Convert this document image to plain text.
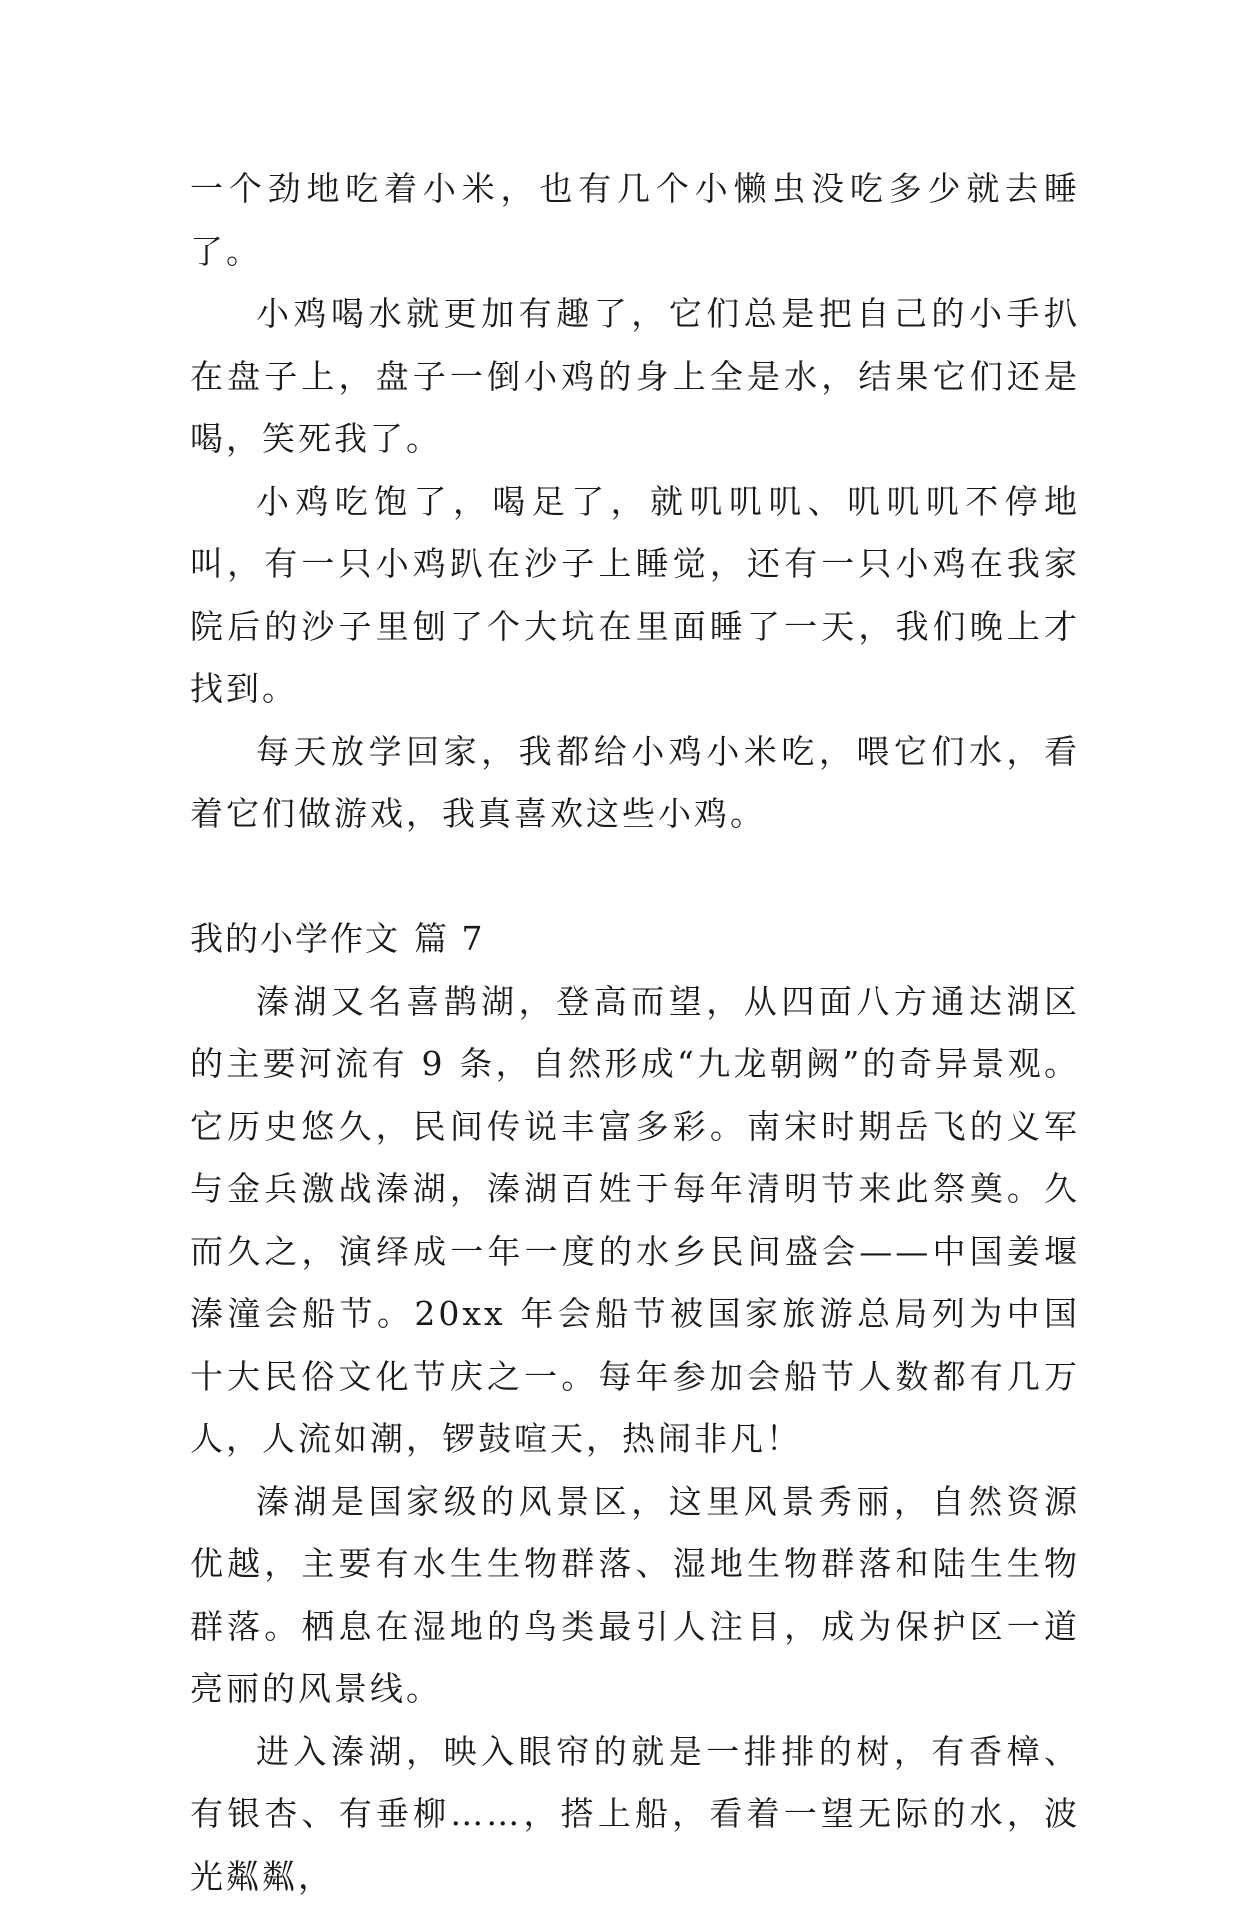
一个劲地吃着小米，也有几个小懒虫没吃多少就去睡了。

小鸡喝水就更加有趣了，它们总是把自己的小手扒在盘子上，盘子一倒小鸡的身上全是水，结果它们还是喝，笑死我了。

小鸡吃饱了，喝足了，就叽叽叽、叽叽叽不停地叫，有一只小鸡趴在沙子上睡觉，还有一只小鸡在我家院后的沙子里刨了个大坑在里面睡了一天，我们晚上才找到。

每天放学回家，我都给小鸡小米吃，喂它们水，看着它们做游戏，我真喜欢这些小鸡。

我的小学作文 篇 7

溱湖又名喜鹊湖，登高而望，从四面八方通达湖区的主要河流有 9 条，自然形成“九龙朝阙”的奇异景观。它历史悠久，民间传说丰富多彩。南宋时期岳飞的义军与金兵激战溱湖，溱湖百姓于每年清明节来此祭奠。久而久之，演绎成一年一度的水乡民间盛会——中国姜堰溱潼会船节。20xx 年会船节被国家旅游总局列为中国十大民俗文化节庆之一。每年参加会船节人数都有几万人，人流如潮，锣鼓喧天，热闹非凡！

溱湖是国家级的风景区，这里风景秀丽，自然资源优越，主要有水生生物群落、湿地生物群落和陆生生物群落。栖息在湿地的鸟类最引人注目，成为保护区一道亮丽的风景线。

进入溱湖，映入眼帘的就是一排排的树，有香樟、有银杏、有垂柳……，搭上船，看着一望无际的水，波光粼粼，
